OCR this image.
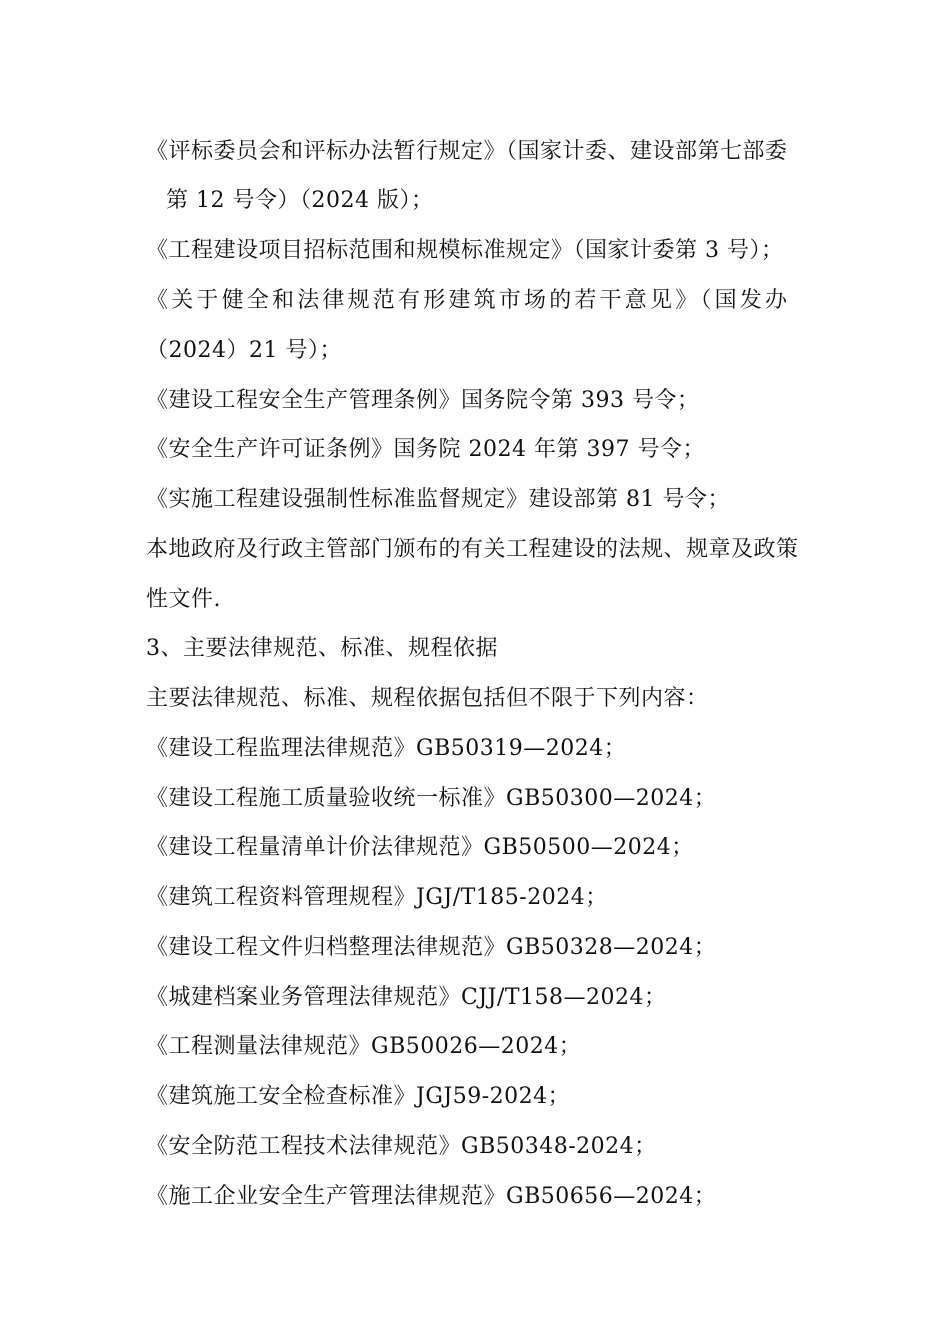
《评标委员会和评标办法暂行规定》（国家计委、建设部第七部委
第 12 号令）（2024 版）；
《工程建设项目招标范围和规模标准规定》（国家计委第 3 号）；
《关于健全和法律规范有形建筑市场的若干意见》（国发办
（2024）21 号）；
《建设工程安全生产管理条例》国务院令第 393 号令；
《安全生产许可证条例》国务院 2024 年第 397 号令；
《实施工程建设强制性标准监督规定》建设部第 81 号令；
本地政府及行政主管部门颁布的有关工程建设的法规、规章及政策
性文件.
3、主要法律规范、标准、规程依据
主要法律规范、标准、规程依据包括但不限于下列内容：
《建设工程监理法律规范》GB50319—2024；
《建设工程施工质量验收统一标准》GB50300—2024；
《建设工程量清单计价法律规范》GB50500—2024；
《建筑工程资料管理规程》JGJ/T185-2024；
《建设工程文件归档整理法律规范》GB50328—2024；
《城建档案业务管理法律规范》CJJ/T158—2024；
《工程测量法律规范》GB50026—2024；
《建筑施工安全检查标准》JGJ59-2024；
《安全防范工程技术法律规范》GB50348-2024；
《施工企业安全生产管理法律规范》GB50656—2024；
